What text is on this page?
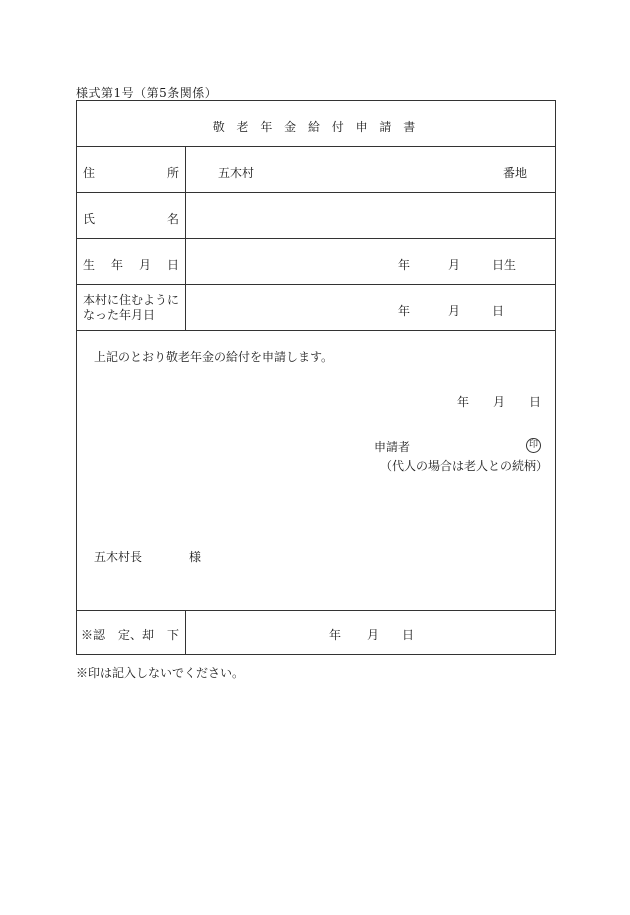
様式第1号（第5条関係）
敬 老 年 金 給 付 申 請 書
住	所	五木村	番地
氏	名
生 年 月 日	年	月	日生
本村に住むように
なった年月日	年	月	日
上記のとおり敬老年金の給付を申請します。
年 月 日
申請者	印
（代人の場合は老人との続柄）
五木村長	様
※認 定、却 下	年 月 日
※印は記入しないでください。
